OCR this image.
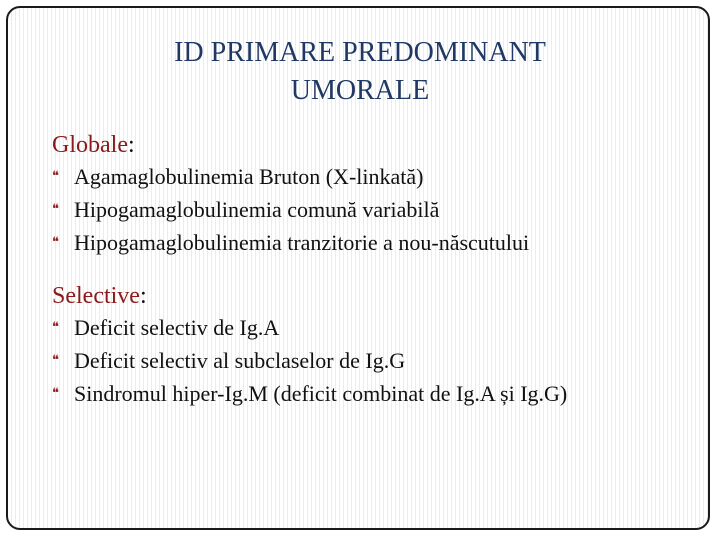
ID PRIMARE PREDOMINANT
UMORALE
Globale:
❝ Agamaglobulinemia Bruton (X-linkată)
❝ Hipogamaglobulinemia comună variabilă
❝ Hipogamaglobulinemia tranzitorie a nou-născutului
Selective:
❝ Deficit selectiv de Ig.A
❝ Deficit selectiv al subclaselor de Ig.G
❝ Sindromul hiper-Ig.M (deficit combinat de Ig.A și Ig.G)
